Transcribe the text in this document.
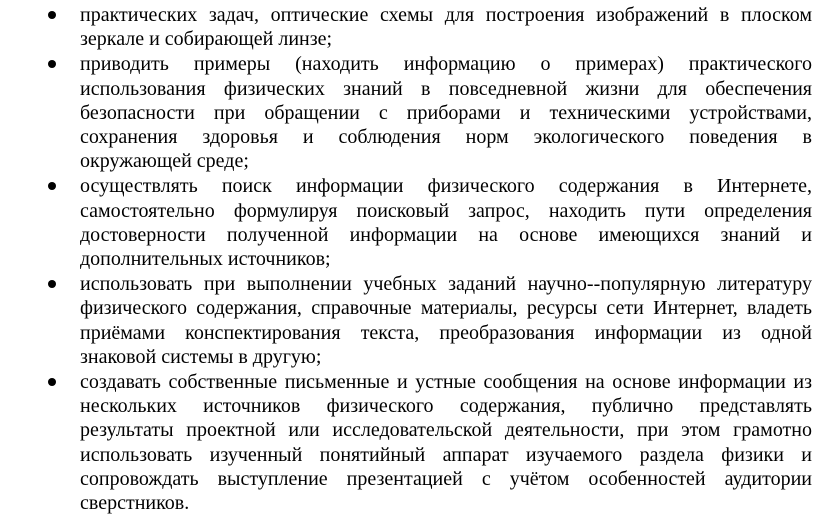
практических задач, оптические схемы для построения изображений в плоском
зеркале и собирающей линзе;
приводить примеры (находить информацию о примерах) практического
использования физических знаний в повседневной жизни для обеспечения
безопасности при обращении с приборами и техническими устройствами,
сохранения здоровья и соблюдения норм экологического поведения в
окружающей среде;
осуществлять поиск информации физического содержания в Интернете,
самостоятельно формулируя поисковый запрос, находить пути определения
достоверности полученной информации на основе имеющихся знаний и
дополнительных источников;
использовать при выполнении учебных заданий научно--популярную литературу
физического содержания, справочные материалы, ресурсы сети Интернет, владеть
приёмами конспектирования текста, преобразования информации из одной
знаковой системы в другую;
создавать собственные письменные и устные сообщения на основе информации из
нескольких источников физического содержания, публично представлять
результаты проектной или исследовательской деятельности, при этом грамотно
использовать изученный понятийный аппарат изучаемого раздела физики и
сопровождать выступление презентацией с учётом особенностей аудитории
сверстников.
